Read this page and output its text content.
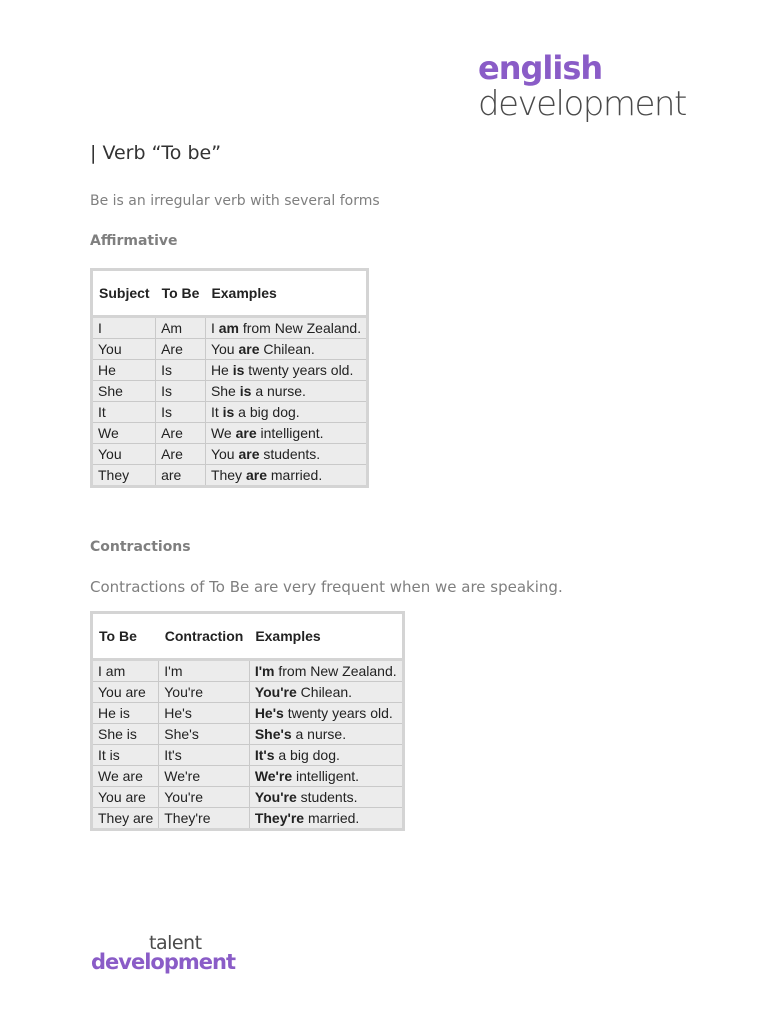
english
development
| Verb “To be”
Be is an irregular verb with several forms
Affirmative
Subject	To Be	Examples
I	Am	I am from New Zealand.
You	Are	You are Chilean.
He	Is	He is twenty years old.
She	Is	She is a nurse.
It	Is	It is a big dog.
We	Are	We are intelligent.
You	Are	You are students.
They	are	They are married.
Contractions
Contractions of To Be are very frequent when we are speaking.
To Be	Contraction	Examples
I am	I'm	I'm from New Zealand.
You are	You're	You're Chilean.
He is	He's	He's twenty years old.
She is	She's	She's a nurse.
It is	It's	It's a big dog.
We are	We're	We're intelligent.
You are	You're	You're students.
They are	They're	They're married.
talent
development
